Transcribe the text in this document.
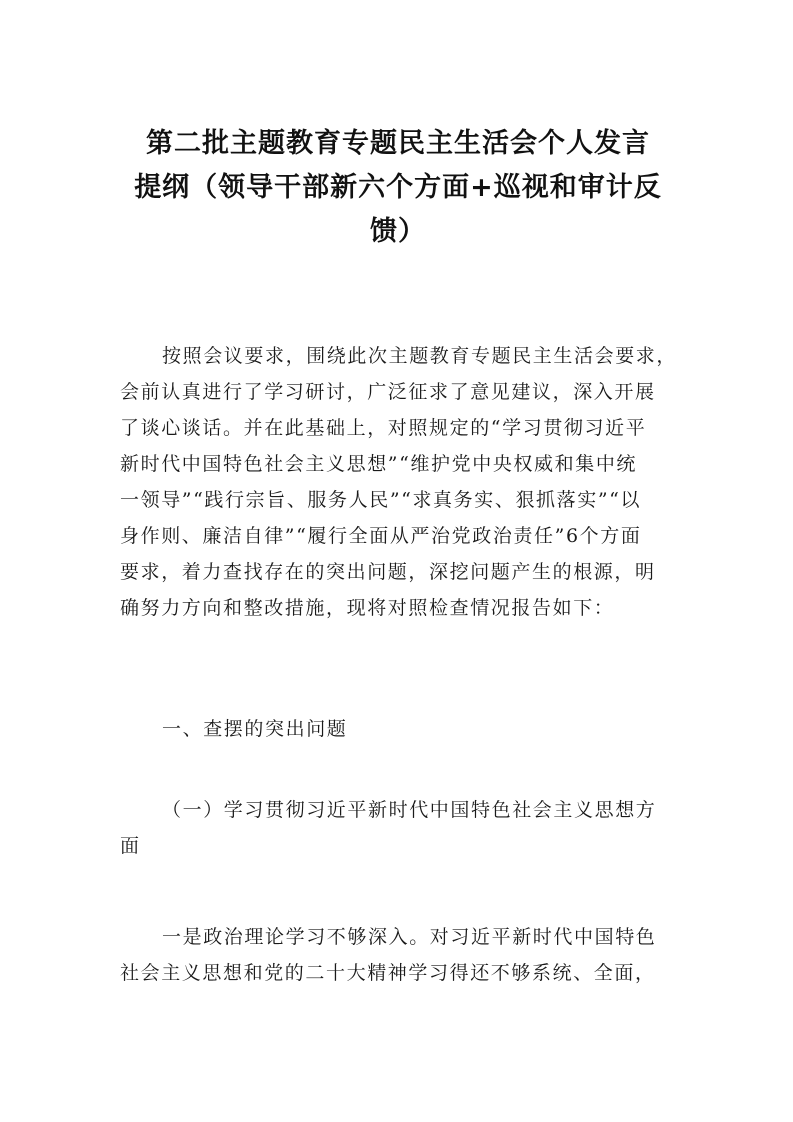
第二批主题教育专题民主生活会个人发言
提纲（领导干部新六个方面+巡视和审计反
馈）

按照会议要求，围绕此次主题教育专题民主生活会要求，
会前认真进行了学习研讨，广泛征求了意见建议，深入开展
了谈心谈话。并在此基础上，对照规定的“学习贯彻习近平
新时代中国特色社会主义思想”“维护党中央权威和集中统
一领导”“践行宗旨、服务人民”“求真务实、狠抓落实”“以
身作则、廉洁自律”“履行全面从严治党政治责任”6个方面
要求，着力查找存在的突出问题，深挖问题产生的根源，明
确努力方向和整改措施，现将对照检查情况报告如下：

一、查摆的突出问题

（一）学习贯彻习近平新时代中国特色社会主义思想方
面

一是政治理论学习不够深入。对习近平新时代中国特色
社会主义思想和党的二十大精神学习得还不够系统、全面，
